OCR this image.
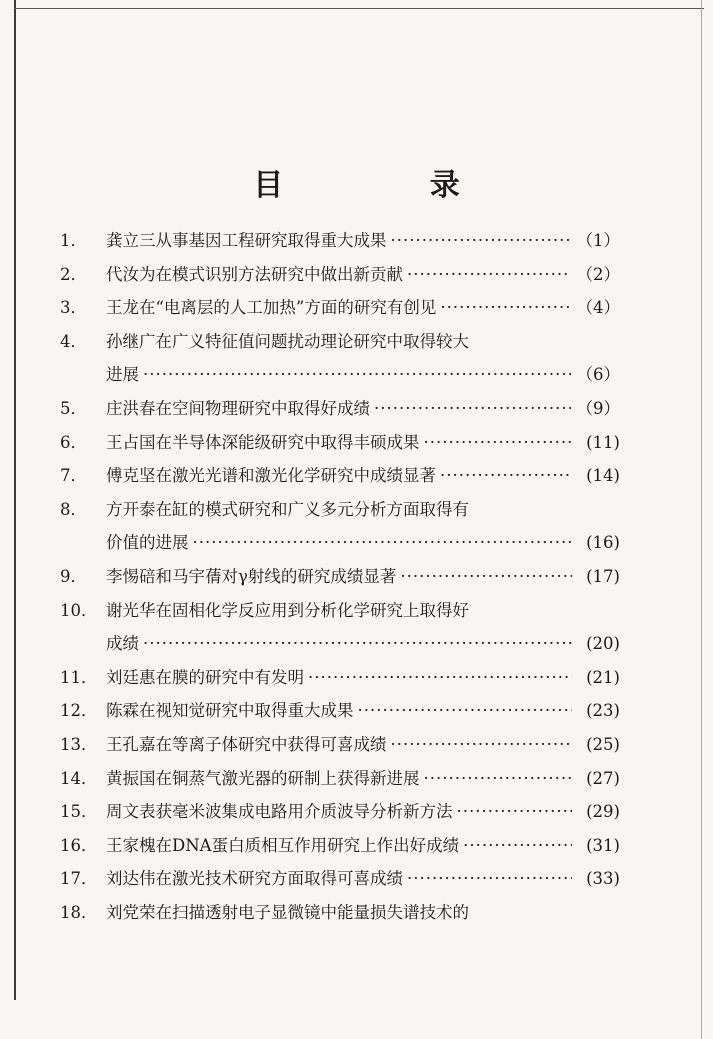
目 录
1．	龚立三从事基因工程研究取得重大成果 ·····	（1）
2．	代汝为在模式识别方法研究中做出新贡献 ·····	（2）
3．	王龙在“电离层的人工加热”方面的研究有创见 ·····	（4）
4．	孙继广在广义特征值问题扰动理论研究中取得较大
进展 ·····	（6）
5．	庄洪春在空间物理研究中取得好成绩 ·····	（9）
6．	王占国在半导体深能级研究中取得丰硕成果 ·····	(11)
7．	傅克坚在激光光谱和激光化学研究中成绩显著 ·····	(14)
8．	方开泰在缸的模式研究和广义多元分析方面取得有
价值的进展 ·····	(16)
9．	李惕碚和马宇蒨对γ射线的研究成绩显著 ·····	(17)
10． 谢光华在固相化学反应用到分析化学研究上取得好
成绩 ·····	(20)
11． 刘廷惠在膜的研究中有发明 ·····	(21)
12． 陈霖在视知觉研究中取得重大成果 ·····	(23)
13． 王孔嘉在等离子体研究中获得可喜成绩 ·····	(25)
14． 黄振国在铜蒸气激光器的研制上获得新进展 ·····	(27)
15． 周文表获毫米波集成电路用介质波导分析新方法 ·····	(29)
16． 王家槐在DNA蛋白质相互作用研究上作出好成绩 ·····	(31)
17． 刘达伟在激光技术研究方面取得可喜成绩 ·····	(33)
18． 刘党荣在扫描透射电子显微镜中能量损失谱技术的
